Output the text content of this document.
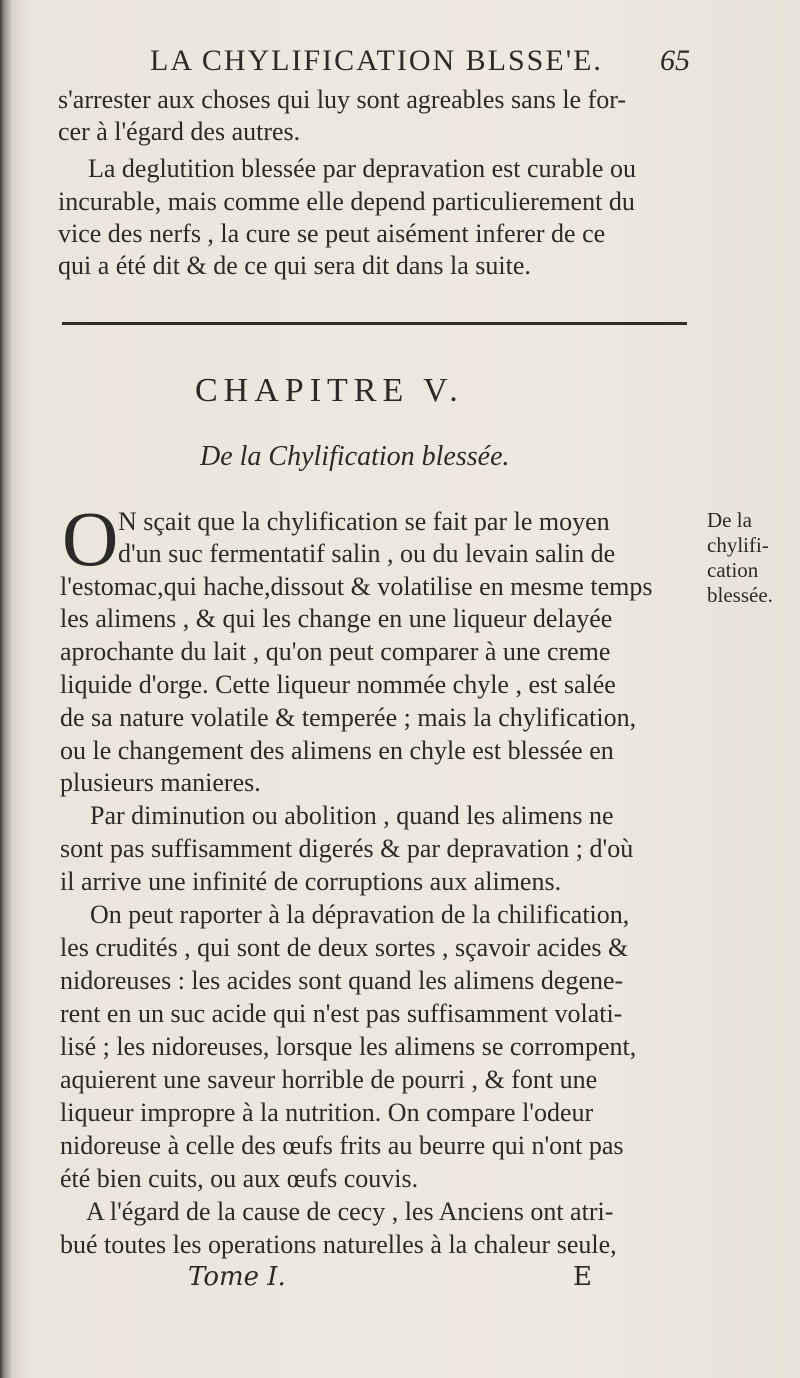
LA CHYLIFICATION BLSSE'E. 65
s'arrester aux choses qui luy sont agreables sans le for-
cer à l'égard des autres.
La deglutition blessée par depravation est curable ou
incurable, mais comme elle depend particulierement du
vice des nerfs , la cure se peut aisément inferer de ce
qui a été dit & de ce qui sera dit dans la suite.
CHAPITRE V.
De la Chylification blessée.
O	De la
chylifi-
cation
blessée.
N sçait que la chylification se fait par le moyen
d'un suc fermentatif salin , ou du levain salin de
l'estomac,qui hache,dissout & volatilise en mesme temps
les alimens , & qui les change en une liqueur delayée
aprochante du lait , qu'on peut comparer à une creme
liquide d'orge. Cette liqueur nommée chyle , est salée
de sa nature volatile & temperée ; mais la chylification,
ou le changement des alimens en chyle est blessée en
plusieurs manieres.
Par diminution ou abolition , quand les alimens ne
sont pas suffisamment digerés & par depravation ; d'où
il arrive une infinité de corruptions aux alimens.
On peut raporter à la dépravation de la chilification,
les crudités , qui sont de deux sortes , sçavoir acides &
nidoreuses : les acides sont quand les alimens degene-
rent en un suc acide qui n'est pas suffisamment volati-
lisé ; les nidoreuses, lorsque les alimens se corrompent,
aquierent une saveur horrible de pourri , & font une
liqueur impropre à la nutrition. On compare l'odeur
nidoreuse à celle des œufs frits au beurre qui n'ont pas
été bien cuits, ou aux œufs couvis.
A l'égard de la cause de cecy , les Anciens ont atri-
bué toutes les operations naturelles à la chaleur seule,
Tome I.	E
